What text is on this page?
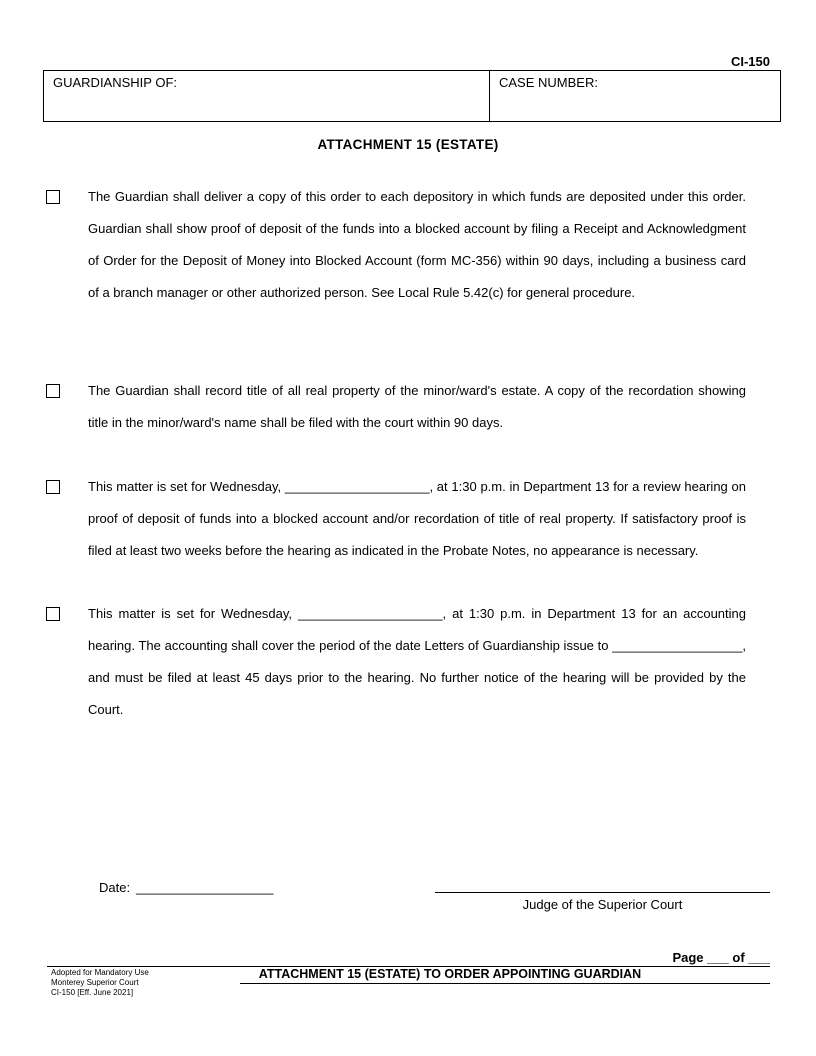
CI-150
GUARDIANSHIP OF:	CASE NUMBER:
ATTACHMENT 15 (ESTATE)
The Guardian shall deliver a copy of this order to each depository in which funds are deposited under this order. Guardian shall show proof of deposit of the funds into a blocked account by filing a Receipt and Acknowledgment of Order for the Deposit of Money into Blocked Account (form MC-356) within 90 days, including a business card of a branch manager or other authorized person. See Local Rule 5.42(c) for general procedure.
The Guardian shall record title of all real property of the minor/ward's estate. A copy of the recordation showing title in the minor/ward's name shall be filed with the court within 90 days.
This matter is set for Wednesday, ____________________, at 1:30 p.m. in Department 13 for a review hearing on proof of deposit of funds into a blocked account and/or recordation of title of real property. If satisfactory proof is filed at least two weeks before the hearing as indicated in the Probate Notes, no appearance is necessary.
This matter is set for Wednesday, ____________________, at 1:30 p.m. in Department 13 for an accounting hearing. The accounting shall cover the period of the date Letters of Guardianship issue to __________________, and must be filed at least 45 days prior to the hearing. No further notice of the hearing will be provided by the Court.
Date: ___________________
Judge of the Superior Court
Page ___ of ___
Adopted for Mandatory Use
Monterey Superior Court
CI-150 [Eff. June 2021]
ATTACHMENT 15 (ESTATE) TO ORDER APPOINTING GUARDIAN
